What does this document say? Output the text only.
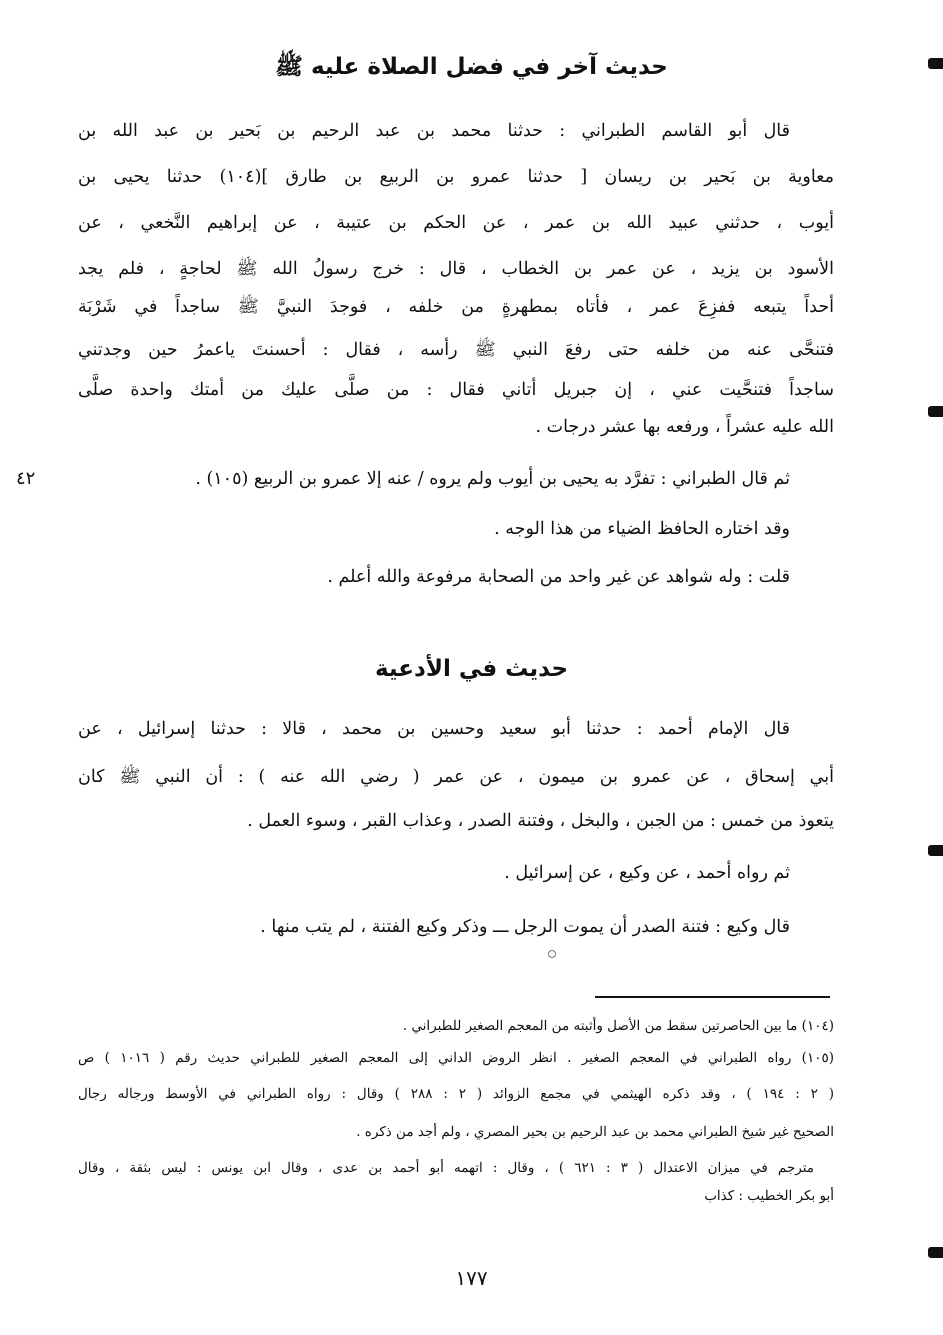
حديث آخر في فضل الصلاة عليه ﷺ
قال أبو القاسم الطبراني : حدثنا محمد بن عبد الرحيم بن بَحير بن عبد الله بن
معاوية بن بَحير بن ريسان [ حدثنا عمرو بن الربيع بن طارق ](١٠٤) حدثنا يحيى بن
أيوب ، حدثني عبيد الله بن عمر ، عن الحكم بن عتيبة ، عن إبراهيم النَّخعي ، عن
الأسود بن يزيد ، عن عمر بن الخطاب ، قال : خرج رسولُ الله ﷺ لحاجةٍ ، فلم يجد
أحداً يتبعه ففزِعَ عمر ، فأتاه بمطهرةٍ من خلفه ، فوجدَ النبيَّ ﷺ ساجداً في شَرْبَة
فتنحَّى عنه من خلفه حتى رفعَ النبي ﷺ رأسه ، فقال : أحسنتَ ياعمرُ حين وجدتني
ساجداً فتنحَّيت عني ، إن جبريل أتاني فقال : من صلَّى عليك من أمتك واحدة صلَّى
الله عليه عشراً ، ورفعه بها عشر درجات .
ثم قال الطبراني : تفرَّد به يحيى بن أيوب ولم يروه / عنه إلا عمرو بن الربيع (١٠٥) .
٤٢
وقد اختاره الحافظ الضياء من هذا الوجه .
قلت : وله شواهد عن غير واحد من الصحابة مرفوعة والله أعلم .
حديث في الأدعية
قال الإمام أحمد : حدثنا أبو سعيد وحسين بن محمد ، قالا : حدثنا إسرائيل ، عن
أبي إسحاق ، عن عمرو بن ميمون ، عن عمر ( رضي الله عنه ) : أن النبي ﷺ كان
يتعوذ من خمس : من الجبن ، والبخل ، وفتنة الصدر ، وعذاب القبر ، وسوء العمل .
ثم رواه أحمد ، عن وكيع ، عن إسرائيل .
قال وكيع : فتنة الصدر أن يموت الرجل ـــ وذكر وكيع الفتنة ، لم يتب منها .
(١٠٤) ما بين الحاصرتين سقط من الأصل وأثبته من المعجم الصغير للطبراني .
(١٠٥) رواه الطبراني في المعجم الصغير . انظر الروض الداني إلى المعجم الصغير للطبراني حديث رقم ( ١٠١٦ ) ص
( ٢ : ١٩٤ ) ، وقد ذكره الهيثمي في مجمع الزوائد ( ٢ : ٢٨٨ ) وقال : رواه الطبراني في الأوسط ورجاله رجال
الصحيح غير شيخ الطبراني محمد بن عبد الرحيم بن بحير المصري ، ولم أجد من ذكره .
مترجم في ميزان الاعتدال ( ٣ : ٦٢١ ) ، وقال : اتهمه أبو أحمد بن عدى ، وقال ابن يونس : ليس بثقة ، وقال
أبو بكر الخطيب : كذاب
١٧٧
